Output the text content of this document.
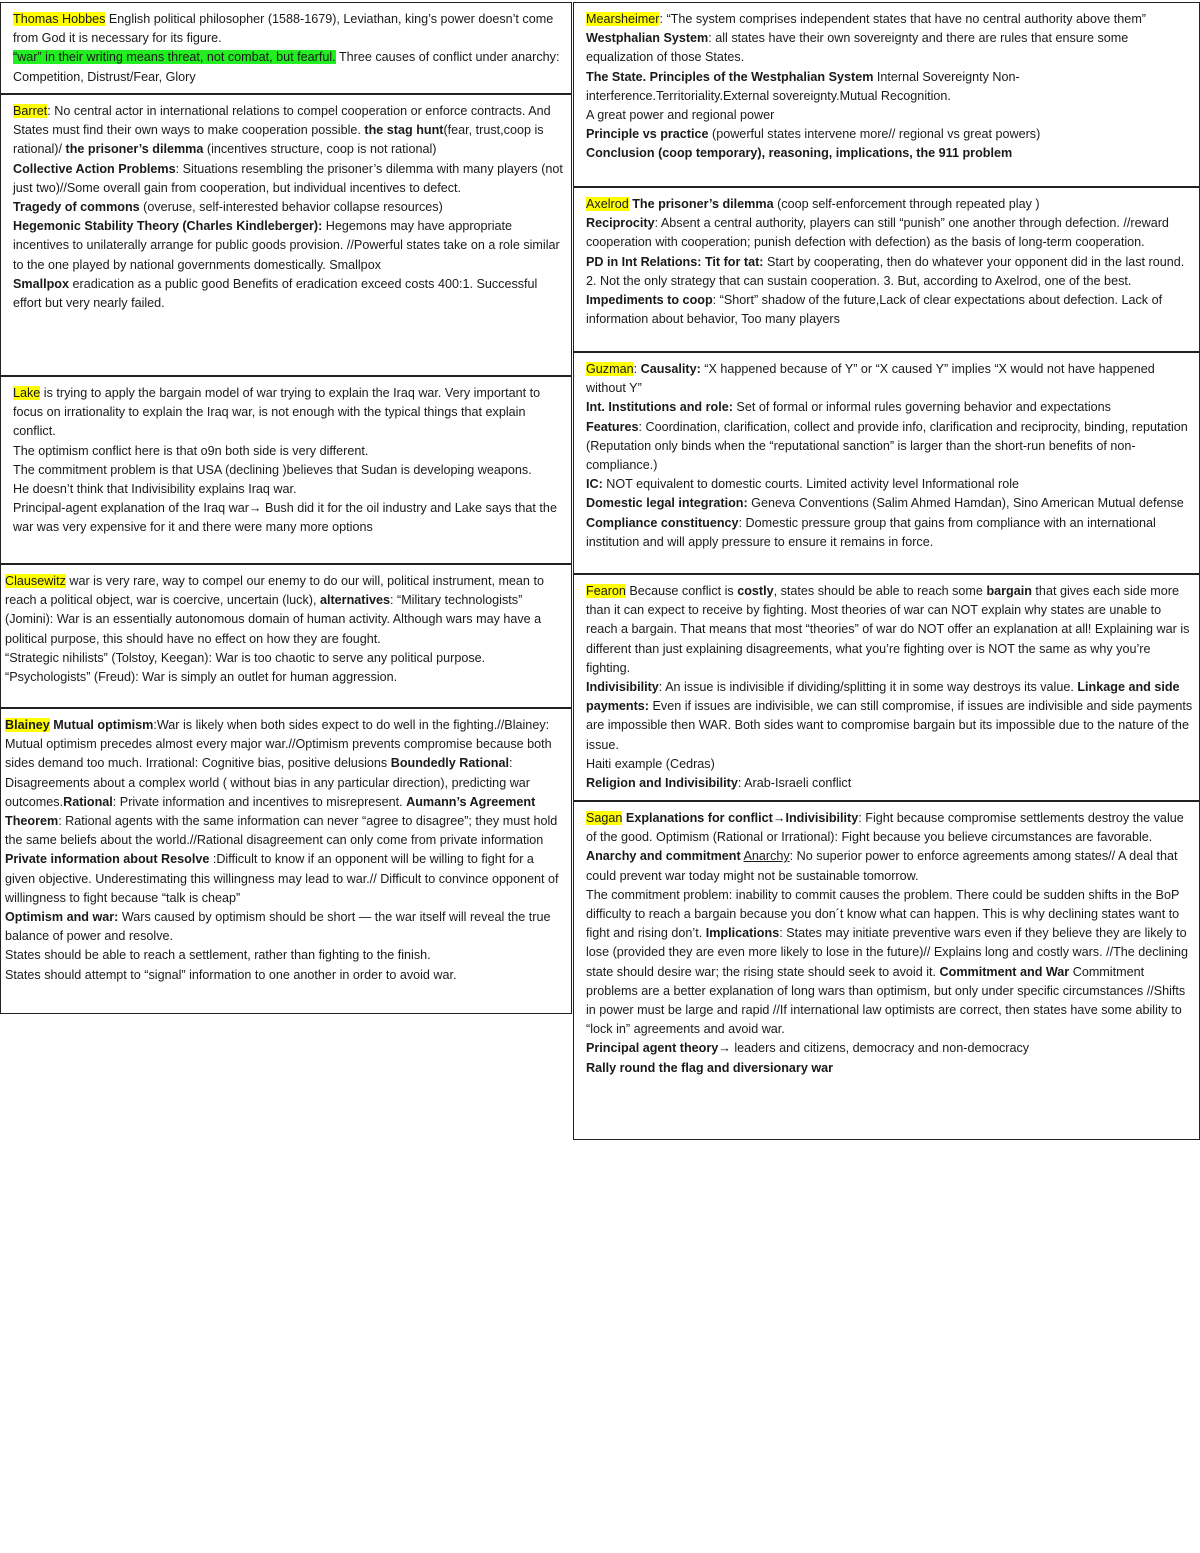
Thomas Hobbes English political philosopher (1588-1679), Leviathan, king’s power doesn’t come from God it is necessary for its figure.

“war” in their writing means threat, not combat, but fearful. Three causes of conflict under anarchy: Competition, Distrust/Fear, Glory

Barret: No central actor in international relations to compel cooperation or enforce contracts. And States must find their own ways to make cooperation possible. the stag hunt(fear, trust,coop is rational)/ the prisoner’s dilemma (incentives structure, coop is not rational)

Collective Action Problems: Situations resembling the prisoner’s dilemma with many players (not just two)//Some overall gain from cooperation, but individual incentives to defect.

Tragedy of commons (overuse, self-interested behavior collapse resources)

Hegemonic Stability Theory (Charles Kindleberger): Hegemons may have appropriate incentives to unilaterally arrange for public goods provision. //Powerful states take on a role similar to the one played by national governments domestically. Smallpox

Smallpox eradication as a public good Benefits of eradication exceed costs 400:1. Successful effort but very nearly failed.

Lake is trying to apply the bargain model of war trying to explain the Iraq war. Very important to focus on irrationality to explain the Iraq war, is not enough with the typical things that explain conflict.

The optimism conflict here is that o9n both side is very different.

The commitment problem is that USA (declining )believes that Sudan is developing weapons.

He doesn’t think that Indivisibility explains Iraq war.

Principal-agent explanation of the Iraq war→ Bush did it for the oil industry and Lake says that the war was very expensive for it and there were many more options

Clausewitz war is very rare, way to compel our enemy to do our will, political instrument, mean to reach a political object, war is coercive, uncertain (luck), alternatives: “Military technologists” (Jomini): War is an essentially autonomous domain of human activity. Although wars may have a political purpose, this should have no effect on how they are fought.

“Strategic nihilists” (Tolstoy, Keegan): War is too chaotic to serve any political purpose.

“Psychologists” (Freud): War is simply an outlet for human aggression.

Blainey Mutual optimism:War is likely when both sides expect to do well in the fighting.//Blainey: Mutual optimism precedes almost every major war.//Optimism prevents compromise because both sides demand too much. Irrational: Cognitive bias, positive delusions Boundedly Rational: Disagreements about a complex world ( without bias in any particular direction), predicting war outcomes.Rational: Private information and incentives to misrepresent. Aumann’s Agreement Theorem: Rational agents with the same information can never “agree to disagree”; they must hold the same beliefs about the world.//Rational disagreement can only come from private information

Private information about Resolve :Difficult to know if an opponent will be willing to fight for a given objective. Underestimating this willingness may lead to war.// Difficult to convince opponent of willingness to fight because “talk is cheap”

Optimism and war: Wars caused by optimism should be short — the war itself will reveal the true balance of power and resolve.

States should be able to reach a settlement, rather than fighting to the finish.

States should attempt to “signal” information to one another in order to avoid war.

Mearsheimer: “The system comprises independent states that have no central authority above them”

Westphalian System: all states have their own sovereignty and there are rules that ensure some equalization of those States.

The State. Principles of the Westphalian System Internal Sovereignty Non-interference.Territoriality.External sovereignty.Mutual Recognition.

A great power and regional power

Principle vs practice (powerful states intervene more// regional vs great powers)

Conclusion (coop temporary), reasoning, implications, the 911 problem

Axelrod The prisoner’s dilemma (coop self-enforcement through repeated play )

Reciprocity: Absent a central authority, players can still “punish” one another through defection. //reward cooperation with cooperation; punish defection with defection) as the basis of long-term cooperation.

PD in Int Relations: Tit for tat: Start by cooperating, then do whatever your opponent did in the last round. 2. Not the only strategy that can sustain cooperation. 3. But, according to Axelrod, one of the best. Impediments to coop: “Short” shadow of the future,Lack of clear expectations about defection. Lack of information about behavior, Too many players

Guzman: Causality: “X happened because of Y” or “X caused Y” implies “X would not have happened without Y”

Int. Institutions and role: Set of formal or informal rules governing behavior and expectations

Features: Coordination, clarification, collect and provide info, clarification and reciprocity, binding, reputation (Reputation only binds when the “reputational sanction” is larger than the short-run benefits of non-compliance.)

IC: NOT equivalent to domestic courts. Limited activity level Informational role

Domestic legal integration: Geneva Conventions (Salim Ahmed Hamdan), Sino American Mutual defense

Compliance constituency: Domestic pressure group that gains from compliance with an international institution and will apply pressure to ensure it remains in force.

Fearon Because conflict is costly, states should be able to reach some bargain that gives each side more than it can expect to receive by fighting. Most theories of war can NOT explain why states are unable to reach a bargain. That means that most “theories” of war do NOT offer an explanation at all! Explaining war is different than just explaining disagreements, what you’re fighting over is NOT the same as why you’re fighting.

Indivisibility: An issue is indivisible if dividing/splitting it in some way destroys its value. Linkage and side payments: Even if issues are indivisible, we can still compromise, if issues are indivisible and side payments are impossible then WAR. Both sides want to compromise bargain but its impossible due to the nature of the issue.

Haiti example (Cedras)

Religion and Indivisibility: Arab-Israeli conflict

Sagan Explanations for conflict→Indivisibility: Fight because compromise settlements destroy the value of the good. Optimism (Rational or Irrational): Fight because you believe circumstances are favorable.

Anarchy and commitment Anarchy: No superior power to enforce agreements among states// A deal that could prevent war today might not be sustainable tomorrow.

The commitment problem: inability to commit causes the problem. There could be sudden shifts in the BoP difficulty to reach a bargain because you don´t know what can happen. This is why declining states want to fight and rising don’t. Implications: States may initiate preventive wars even if they believe they are likely to lose (provided they are even more likely to lose in the future)// Explains long and costly wars. //The declining state should desire war; the rising state should seek to avoid it. Commitment and War Commitment problems are a better explanation of long wars than optimism, but only under specific circumstances //Shifts in power must be large and rapid //If international law optimists are correct, then states have some ability to “lock in” agreements and avoid war.

Principal agent theory→ leaders and citizens, democracy and non-democracy

Rally round the flag and diversionary war
